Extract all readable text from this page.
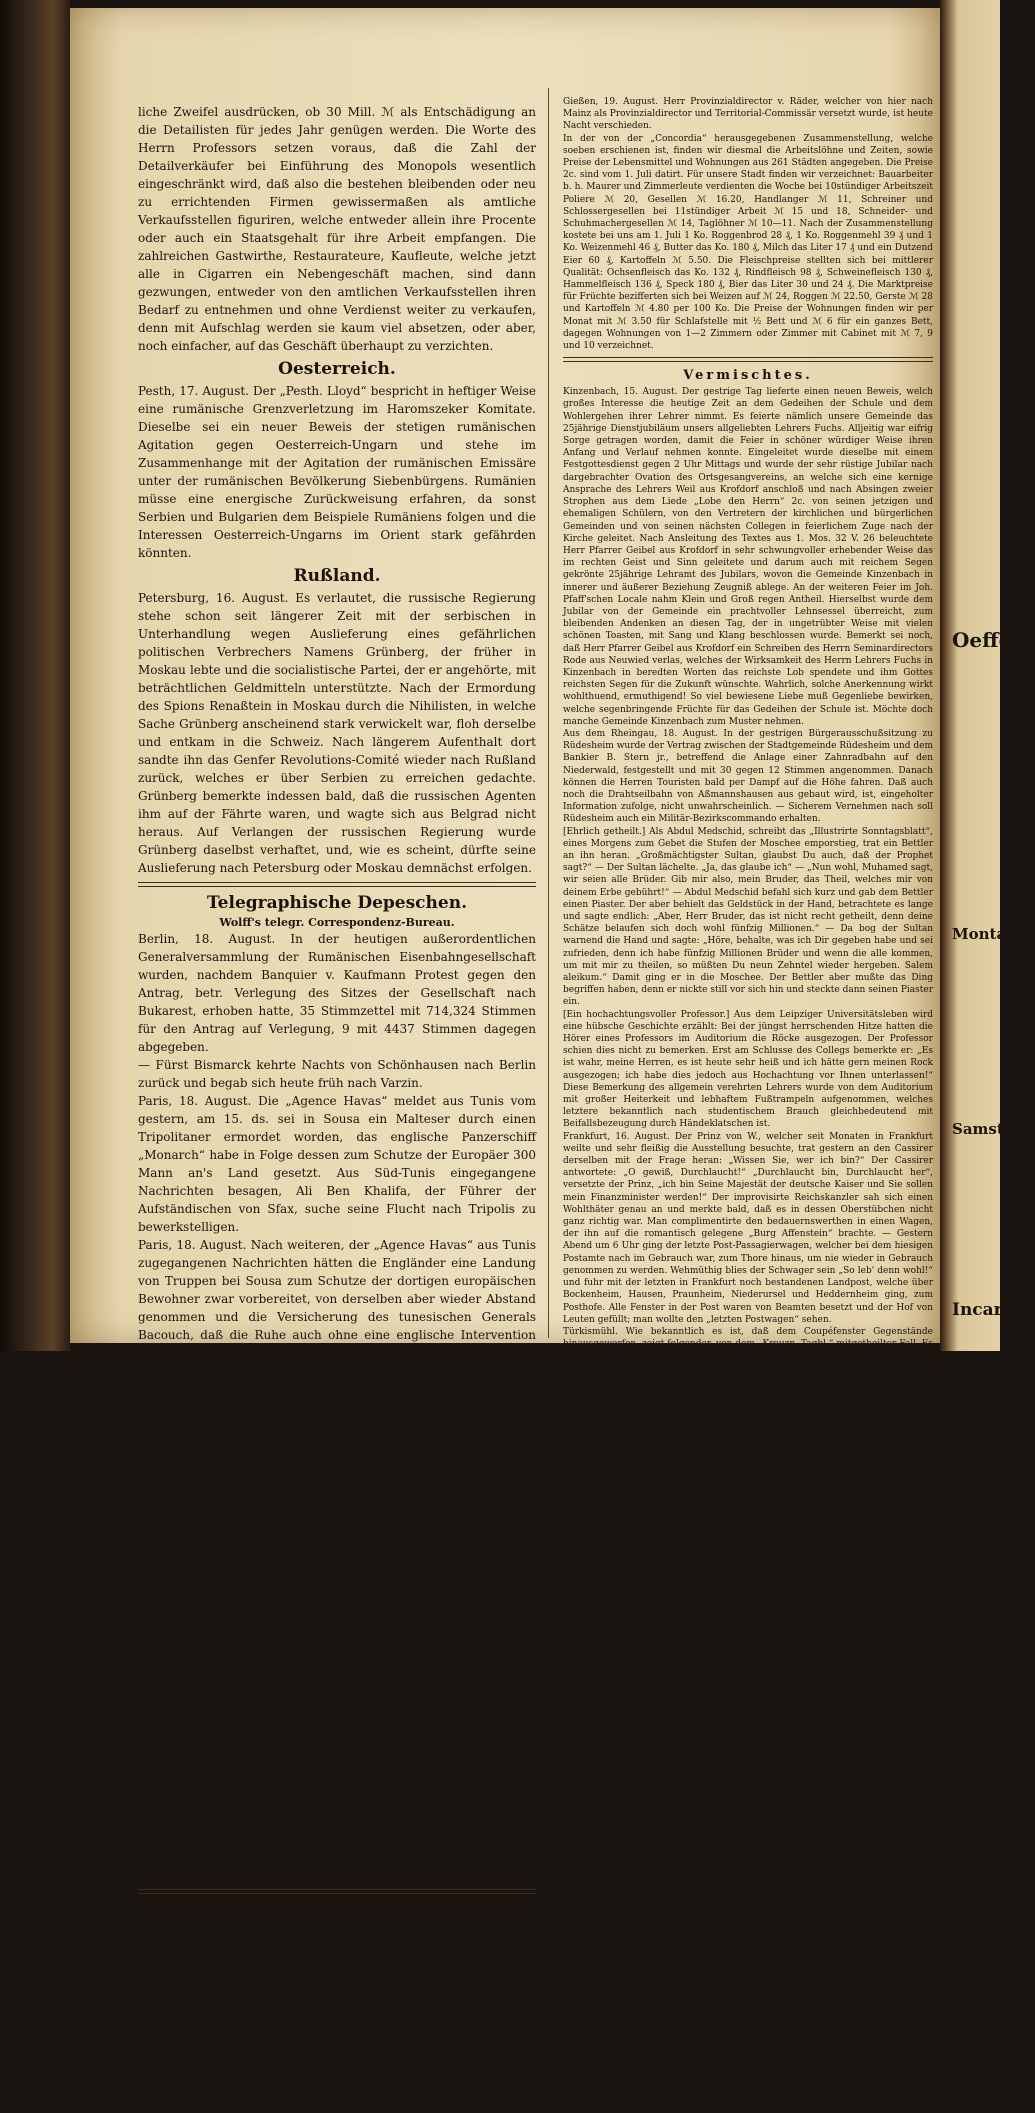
liche Zweifel ausdrücken, ob 30 Mill. ℳ als Entschädigung an die Detailisten für jedes Jahr genügen werden. Die Worte des Herrn Professors setzen voraus, daß die Zahl der Detailverkäufer bei Einführung des Monopols wesentlich eingeschränkt wird, daß also die bestehen bleibenden oder neu zu errichtenden Firmen gewissermaßen als amtliche Verkaufsstellen figuriren, welche entweder allein ihre Procente oder auch ein Staatsgehalt für ihre Arbeit empfangen. Die zahlreichen Gastwirthe, Restaurateure, Kaufleute, welche jetzt alle in Cigarren ein Nebengeschäft machen, sind dann gezwungen, entweder von den amtlichen Verkaufsstellen ihren Bedarf zu entnehmen und ohne Verdienst weiter zu verkaufen, denn mit Aufschlag werden sie kaum viel absetzen, oder aber, noch einfacher, auf das Geschäft überhaupt zu verzichten.

Oesterreich.

Pesth, 17. August. Der „Pesth. Lloyd“ bespricht in heftiger Weise eine rumänische Grenzverletzung im Haromszeker Komitate. Dieselbe sei ein neuer Beweis der stetigen rumänischen Agitation gegen Oesterreich-Ungarn und stehe im Zusammenhange mit der Agitation der rumänischen Emissäre unter der rumänischen Bevölkerung Siebenbürgens. Rumänien müsse eine energische Zurückweisung erfahren, da sonst Serbien und Bulgarien dem Beispiele Rumäniens folgen und die Interessen Oesterreich-Ungarns im Orient stark gefährden könnten.

Rußland.

Petersburg, 16. August. Es verlautet, die russische Regierung stehe schon seit längerer Zeit mit der serbischen in Unterhandlung wegen Auslieferung eines gefährlichen politischen Verbrechers Namens Grünberg, der früher in Moskau lebte und die socialistische Partei, der er angehörte, mit beträchtlichen Geldmitteln unterstützte. Nach der Ermordung des Spions Renaßtein in Moskau durch die Nihilisten, in welche Sache Grünberg anscheinend stark verwickelt war, floh derselbe und entkam in die Schweiz. Nach längerem Aufenthalt dort sandte ihn das Genfer Revolutions-Comité wieder nach Rußland zurück, welches er über Serbien zu erreichen gedachte. Grünberg bemerkte indessen bald, daß die russischen Agenten ihm auf der Fährte waren, und wagte sich aus Belgrad nicht heraus. Auf Verlangen der russischen Regierung wurde Grünberg daselbst verhaftet, und, wie es scheint, dürfte seine Auslieferung nach Petersburg oder Moskau demnächst erfolgen.

Telegraphische Depeschen.
Wolff's telegr. Correspondenz-Bureau.

Berlin, 18. August. In der heutigen außerordentlichen Generalversammlung der Rumänischen Eisenbahngesellschaft wurden, nachdem Banquier v. Kaufmann Protest gegen den Antrag, betr. Verlegung des Sitzes der Gesellschaft nach Bukarest, erhoben hatte, 35 Stimmzettel mit 714,324 Stimmen für den Antrag auf Verlegung, 9 mit 4437 Stimmen dagegen abgegeben.

— Fürst Bismarck kehrte Nachts von Schönhausen nach Berlin zurück und begab sich heute früh nach Varzin.

Paris, 18. August. Die „Agence Havas“ meldet aus Tunis vom gestern, am 15. ds. sei in Sousa ein Malteser durch einen Tripolitaner ermordet worden, das englische Panzerschiff „Monarch“ habe in Folge dessen zum Schutze der Europäer 300 Mann an's Land gesetzt. Aus Süd-Tunis eingegangene Nachrichten besagen, Ali Ben Khalifa, der Führer der Aufständischen von Sfax, suche seine Flucht nach Tripolis zu bewerkstelligen.

Paris, 18. August. Nach weiteren, der „Agence Havas“ aus Tunis zugegangenen Nachrichten hätten die Engländer eine Landung von Truppen bei Sousa zum Schutze der dortigen europäischen Bewohner zwar vorbereitet, von derselben aber wieder Abstand genommen und die Versicherung des tunesischen Generals Bacouch, daß die Ruhe auch ohne eine englische Intervention aufrechterhalten werde.

London, 18. August. Wie verlautet, wäre Parnell entschlossen, nach dem Schluß der gegenwärtigen Session die Agrar-Agitation in Irland fortzusetzen.

London, 18. August. Unterhaus. Unterstaatssecretär Dilke theilte mit, Frankreich habe gewünscht, daß die Unterhandlungen über den Handelsvertrag am 22. cr. in Paris wieder aufgenommen würden. Die englische Regierung sei nach Prüfung gewisser französischer Vorschläge bezüglich der Eisen-, Baumwoll- und Wollzölle des Glaubens gewesen, daß dieselben eine Basis für die weiteren Unterhandlungen böten und habe deshalb in den Wiederzusammentritt der Commission unter der Bedingung gewilligt, daß der jetzige Vertrag auf 3 Monate verlängert werde, damit hinreichende Zeit zur Prüfung der jüngsten Vorschläge gewonnen werde. Die französische Regierung habe nach einem langen Schriftenwechsel die von der englischen Regierung gewünschte Verlängerung des jetzigen Vertrages aber abgelehnt und die englische Regierung sehe sich daher nicht veranlaßt, die Einladung zum Wiederzusammentreten der Commission anzunehmen.

Washington, 18. August. Präsident Garfield schläft gegenwärtig. Seit gestern Abend 10 Uhr 30 Min. hatten die Ärzte keinen Anlaß, die Ärzte zu rufen. Während man dem Patienten gestern Fleischextract eingab, machten sich die Symptome von Magenbeschwerden wiederum bemerkbar und nahm man daher von weiterem Versuche Abstand. Man wird dieselben Versuch heute Morgen wiederholen.

— Ein heute Vormittag um halb 9 Uhr ausgegebenes amtliches Bulletin besagt: Der Präsident hat eine gute Nacht verbracht, das Allgemeinbefinden desselben ist besser als gestern.

Lokales.

Gießen, 19. August. Ueber den kommenden Mittwoch hier im Saale des Hôtel „Einhorn“ concertirenden Pianisten Herrn Herzog aus Berlin liegen uns eine Anzahl sehr günstiger und eingehender Kritiken vor. Wir entnehmen eine solche der in Berlin erscheinenden „Tribüne“. Diese Zeitung schreibt: Herr S. Herzog gab am Dienstag in der Sing-Akademie ein gutbesuchtes Concert, in welchem er zahlreiche Proben seiner Virtuosität als Pianist (Tausig's Schüler) und seines fruchtbaren Compositionstalents gab. Die Chopin'sche schwierige Scherzo-Etüde bewies am Besten, welche Fortschritte Herr Herzog allein seit einem Jahre gemacht hat. Er ist auf dem Wege, einer unserer besten Pianisten zu werden, und wird sein Ziel desto früher erreichen, je weniger er seine Kraft an eigenen Claviercompositionen leererer Genres zersplittert. Der Beifall, der auf das angenehme, gediegene Wohlgefallen der urtheilsbequemen Majorität seiner Zuhörer, der, wenn auch noch so oft vergebliche, doch immer erneute Versuch einer Interpretation Beethoven's, Bach's u. s. w. ist eine größere künstlerische That, als die 7 Herzogskompositionen dieses Programms. — Herr Grünfeld unterstützte das Concert in künstlerisch wirksamer, Fräulein Scharwenka durch theilweise auch schlechtgewählte Lieder in nur erträglicher Weise.

Gießen, 19. August. Herr Provinzialdirector v. Räder, welcher von hier nach Mainz als Provinzialdirector und Territorial-Commissär versetzt wurde, ist heute Nacht verschieden.

In der von der „Concordia“ herausgegebenen Zusammenstellung, welche soeben erschienen ist, finden wir diesmal die Arbeitslöhne und Zeiten, sowie Preise der Lebensmittel und Wohnungen aus 261 Städten angegeben. Die Preise 2c. sind vom 1. Juli datirt. Für unsere Stadt finden wir verzeichnet: Bauarbeiter b. h. Maurer und Zimmerleute verdienten die Woche bei 10stündiger Arbeitszeit Poliere ℳ 20, Gesellen ℳ 16.20, Handlanger ℳ 11, Schreiner und Schlossergesellen bei 11stündiger Arbeit ℳ 15 und 18, Schneider- und Schuhmachergesellen ℳ 14, Taglöhner ℳ 10—11. Nach der Zusammenstellung kostete bei uns am 1. Juli 1 Ko. Roggenbrod 28 ₰, 1 Ko. Roggenmehl 39 ₰ und 1 Ko. Weizenmehl 46 ₰, Butter das Ko. 180 ₰, Milch das Liter 17 ₰ und ein Dutzend Eier 60 ₰, Kartoffeln ℳ 5.50. Die Fleischpreise stellten sich bei mittlerer Qualität: Ochsenfleisch das Ko. 132 ₰, Rindfleisch 98 ₰, Schweinefleisch 130 ₰, Hammelfleisch 136 ₰, Speck 180 ₰, Bier das Liter 30 und 24 ₰. Die Marktpreise für Früchte bezifferten sich bei Weizen auf ℳ 24, Roggen ℳ 22.50, Gerste ℳ 28 und Kartoffeln ℳ 4.80 per 100 Ko. Die Preise der Wohnungen finden wir per Monat mit ℳ 3.50 für Schlafstelle mit ½ Bett und ℳ 6 für ein ganzes Bett, dagegen Wohnungen von 1—2 Zimmern oder Zimmer mit Cabinet mit ℳ 7, 9 und 10 verzeichnet.

Vermischtes.

Kinzenbach, 15. August. Der gestrige Tag lieferte einen neuen Beweis, welch großes Interesse die heutige Zeit an dem Gedeihen der Schule und dem Wohlergehen ihrer Lehrer nimmt. Es feierte nämlich unsere Gemeinde das 25jährige Dienstjubiläum unsers allgeliebten Lehrers Fuchs. Alljeitig war eifrig Sorge getragen worden, damit die Feier in schöner würdiger Weise ihren Anfang und Verlauf nehmen konnte. Eingeleitet wurde dieselbe mit einem Festgottesdienst gegen 2 Uhr Mittags und wurde der sehr rüstige Jubilar nach dargebrachter Ovation des Ortsgesangvereins, an welche sich eine kernige Ansprache des Lehrers Weil aus Krofdorf anschloß und nach Absingen zweier Strophen aus dem Liede „Lobe den Herrn“ 2c. von seinen jetzigen und ehemaligen Schülern, von den Vertretern der kirchlichen und bürgerlichen Gemeinden und von seinen nächsten Collegen in feierlichem Zuge nach der Kirche geleitet. Nach Ansleitung des Textes aus 1. Mos. 32 V. 26 beleuchtete Herr Pfarrer Geibel aus Krofdorf in sehr schwungvoller erhebender Weise das im rechten Geist und Sinn geleitete und darum auch mit reichem Segen gekrönte 25jährige Lehramt des Jubilars, wovon die Gemeinde Kinzenbach in innerer und äußerer Beziehung Zeugniß ablege. An der weiteren Feier im Joh. Pfaff'schen Locale nahm Klein und Groß regen Antheil. Hierselbst wurde dem Jubilar von der Gemeinde ein prachtvoller Lehnsessel überreicht, zum bleibenden Andenken an diesen Tag, der in ungetrübter Weise mit vielen schönen Toasten, mit Sang und Klang beschlossen wurde. Bemerkt sei noch, daß Herr Pfarrer Geibel aus Krofdorf ein Schreiben des Herrn Seminardirectors Rode aus Neuwied verlas, welches der Wirksamkeit des Herrn Lehrers Fuchs in Kinzenbach in beredten Worten das reichste Lob spendete und ihm Gottes reichsten Segen für die Zukunft wünschte. Wahrlich, solche Anerkennung wirkt wohlthuend, ermuthigend! So viel bewiesene Liebe muß Gegenliebe bewirken, welche segenbringende Früchte für das Gedeihen der Schule ist. Möchte doch manche Gemeinde Kinzenbach zum Muster nehmen.

Aus dem Rheingau, 18. August. In der gestrigen Bürgerausschußsitzung zu Rüdesheim wurde der Vertrag zwischen der Stadtgemeinde Rüdesheim und dem Bankier B. Stern jr., betreffend die Anlage einer Zahnradbahn auf den Niederwald, festgestellt und mit 30 gegen 12 Stimmen angenommen. Danach können die Herren Touristen bald per Dampf auf die Höhe fahren. Daß auch noch die Drahtseilbahn von Aßmannshausen aus gebaut wird, ist, eingeholter Information zufolge, nicht unwahrscheinlich. — Sicherem Vernehmen nach soll Rüdesheim auch ein Militär-Bezirkscommando erhalten.

[Ehrlich getheilt.] Als Abdul Medschid, schreibt das „Illustrirte Sonntagsblatt“, eines Morgens zum Gebet die Stufen der Moschee emporstieg, trat ein Bettler an ihn heran. „Großmächtigster Sultan, glaubst Du auch, daß der Prophet sagt?“ — Der Sultan lächelte. „Ja, das glaube ich“ — „Nun wohl, Muhamed sagt, wir seien alle Brüder. Gib mir also, mein Bruder, das Theil, welches mir von deinem Erbe gebührt!“ — Abdul Medschid befahl sich kurz und gab dem Bettler einen Piaster. Der aber behielt das Geldstück in der Hand, betrachtete es lange und sagte endlich: „Aber, Herr Bruder, das ist nicht recht getheilt, denn deine Schätze belaufen sich doch wohl fünfzig Millionen.“ — Da bog der Sultan warnend die Hand und sagte: „Höre, behalte, was ich Dir gegeben habe und sei zufrieden, denn ich habe fünfzig Millionen Brüder und wenn die alle kommen, um mit mir zu theilen, so müßten Du neun Zehntel wieder hergeben. Salem aleikum.“ Damit ging er in die Moschee. Der Bettler aber mußte das Ding begriffen haben, denn er nickte still vor sich hin und steckte dann seinen Piaster ein.

[Ein hochachtungsvoller Professor.] Aus dem Leipziger Universitätsleben wird eine hübsche Geschichte erzählt: Bei der jüngst herrschenden Hitze hatten die Hörer eines Professors im Auditorium die Röcke ausgezogen. Der Professor schien dies nicht zu bemerken. Erst am Schlusse des Collegs bemerkte er: „Es ist wahr, meine Herren, es ist heute sehr heiß und ich hätte gern meinen Rock ausgezogen; ich habe dies jedoch aus Hochachtung vor Ihnen unterlassen!“ Diese Bemerkung des allgemein verehrten Lehrers wurde von dem Auditorium mit großer Heiterkeit und lebhaftem Fußtrampeln aufgenommen, welches letztere bekanntlich nach studentischem Brauch gleichbedeutend mit Beifallsbezeugung durch Händeklatschen ist.

Frankfurt, 16. August. Der Prinz von W., welcher seit Monaten in Frankfurt weilte und sehr fleißig die Ausstellung besuchte, trat gestern an den Cassirer derselben mit der Frage heran: „Wissen Sie, wer ich bin?“ Der Cassirer antwortete: „O gewiß, Durchlaucht!“ „Durchlaucht bin, Durchlaucht her“, versetzte der Prinz, „ich bin Seine Majestät der deutsche Kaiser und Sie sollen mein Finanzminister werden!“ Der improvisirte Reichskanzler sah sich einen Wohlthäter genau an und merkte bald, daß es in dessen Oberstübchen nicht ganz richtig war. Man complimentirte den bedauernswerthen in einen Wagen, der ihn auf die romantisch gelegene „Burg Affenstein“ brachte. — Gestern Abend um 6 Uhr ging der letzte Post-Passagierwagen, welcher bei dem hiesigen Postamte nach im Gebrauch war, zum Thore hinaus, um nie wieder in Gebrauch genommen zu werden. Wehmüthig blies der Schwager sein „So leb' denn wohl!“ und fuhr mit der letzten in Frankfurt noch bestandenen Landpost, welche über Bockenheim, Hausen, Praunheim, Niederursel und Heddernheim ging, zum Posthofe. Alle Fenster in der Post waren von Beamten besetzt und der Hof von Leuten gefüllt; man wollte den „letzten Postwagen“ sehen.

Türkismühl. Wie bekanntlich es ist, daß dem Coupéfenster Gegenstände hinausgeworfen, zeigt folgender, von dem „Kreuzn. Tagbl.“ mitgetheilter Fall. Es fuhr dieser Tage während der Fahrt eines Omnibuszuges auf der Strecke Türkismühl-St. Wendel ereignete: Ein Passagier hatte, vielleicht durch Unvorsichtigkeit, eine Schachtel eingestopft und schmiß es aus dem Coupéfenster hinaus. Gerade auf der Brücke, als der Zug über dieselbe fuhr, schlug das Packet einem Manne, der darunter stand, an den Kopf. Die Entdeckung dieser That zu erfahren, den Glückspilz unter dem Packet herauszunehmen und Anzeige zu machen, eine Bescheinigung ausstellen zu lassen und ihn in eine schwere Strafe zu bringen. Der Mann, welcher, beschäftigt gewesenen Rottenarbeiter mit solcher Gewalt in das Gesicht getroffen, daß die Wange des bedauernswerthen Mannes wie von einem Säbelhieb getroffen war, blutend ins Krankenhaus nach St. Wendel gebracht wurde. Das Schicksal des Werfenden wird wohl den jungen Mann, welcher so leichtfertig handelte, zur Rechenschaft ziehen.

[Zwei jugendliche Kläger.] Londoner Blätter berichten: Mr. Houghton, ein Advokat in London, hat mit seiner Gattin eine längere Reise nach dem Kontinent angetreten und die Sorge um seine beiden Kinder, zwei Knaben im Alter von fünf und sieben Jahren, der Kinderfrau überlassen. Mrs. Houghton hatte schon lange vor der Abreise den Kindern, um ihnen das Daheimbleiben angenehmer zu gestalten, ausführlich erzählt, was für eine ausgezeichnete Beköstigung sie in Abwesenheit der Eltern erhalten würden. Die Haushälterin, welcher die Sorge für die Kinder vom Vater übertragen war, hatte jedoch die Kinder vernachlässigt und sie schlecht ernährt, was die Kinder veranlaßte, sich zur Polizei zu begeben und dort Beschwerde zu führen. „Wir sind Herr und Frau Houghton's Kinder“, sagten sie, „und wollten unsere Köchin verklagen, weil sie uns nicht genug zu essen gibt.“ Die verblüfften Beamten hörten die kleinen Kläger an und versprachen, die Sache zu untersuchen. Die Köchin wurde vorgeladen, und die beiden Kinder, welche sich als höchst energische und vernünftige Kläger zeigten, vertraten ihre Sache vor dem Richter in der geschicktesten Weise. Der Richter fragte sie schließlich, was sie denn eigentlich zu essen bekämen, worauf die Knaben erwiderten: „Sir, Mama und Papa sind nach Paris gereist, weil man nur dort Pudding, Giri und Obst, so viel wir wollen, geben, aber wir bekommen fast nichts als Butterbrod.“ Worauf der Richter lächelnd den Knaben versprach, daß sie fortan zu essen bekommen würden, was ihnen ihre Mama versprochen habe.

Oeffent
Montag
Samsta
Incar
